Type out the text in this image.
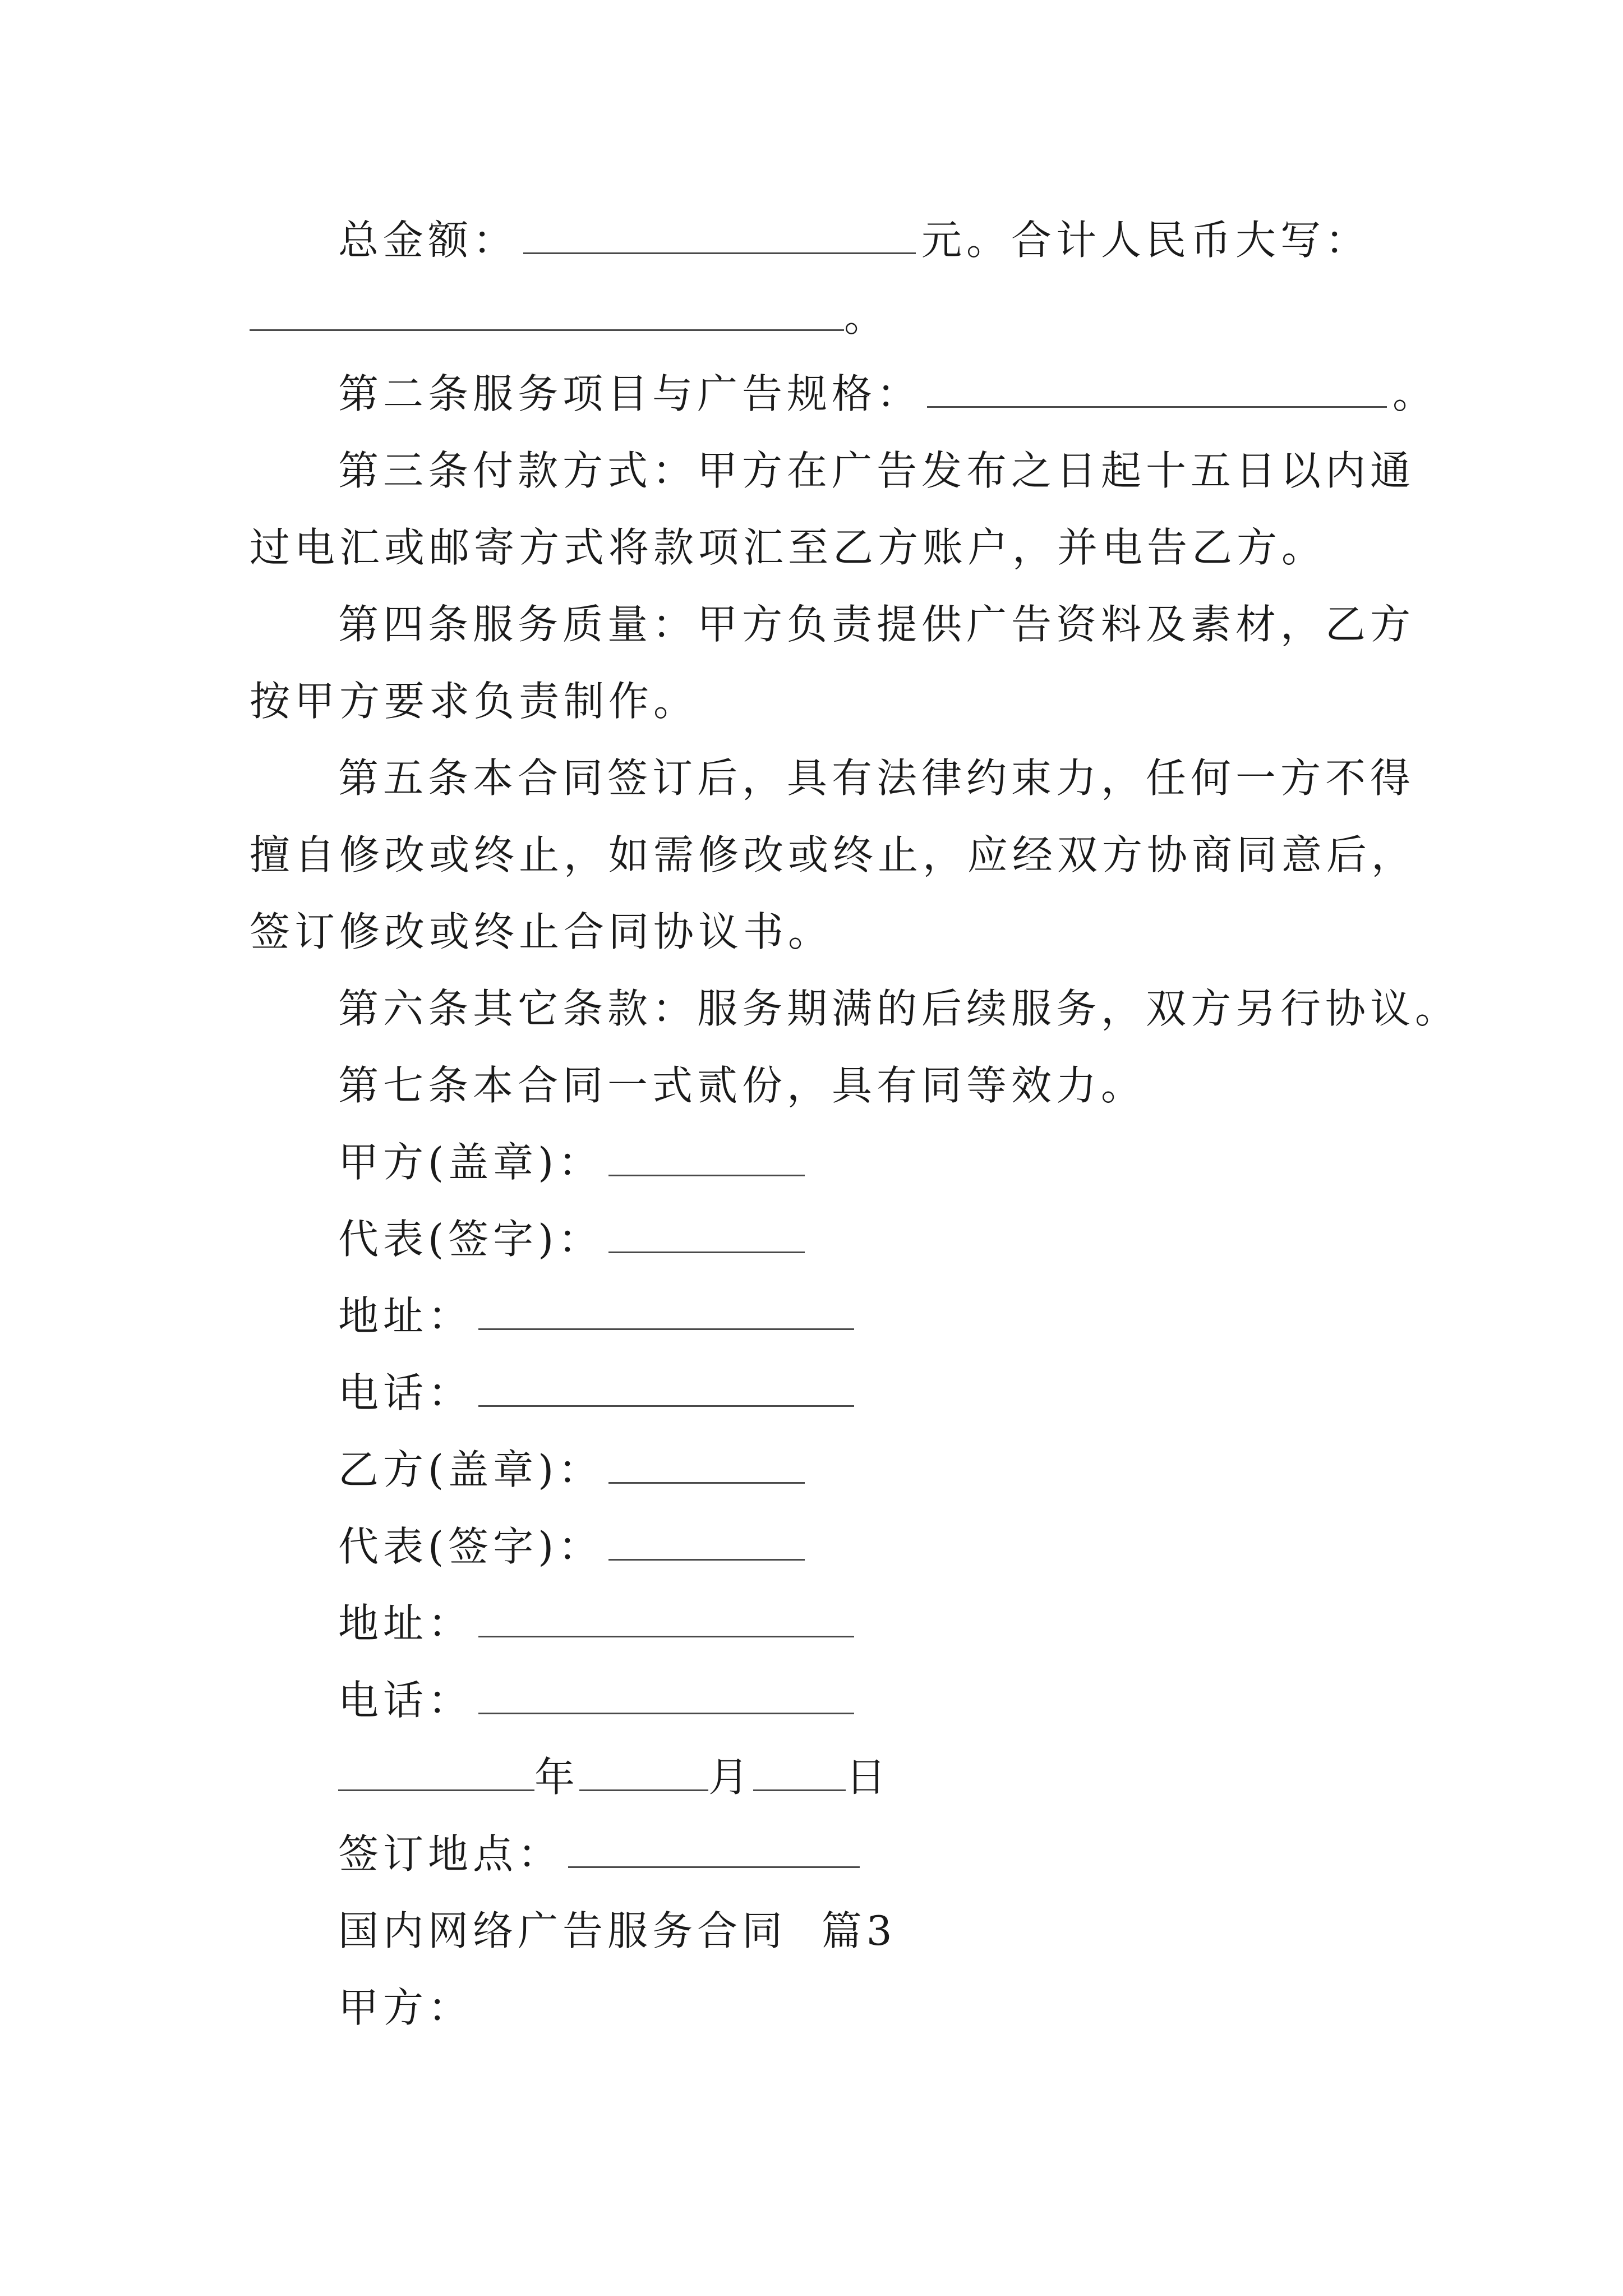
总金额：	元。合计人民币大写：
。
第二条服务项目与广告规格：	。
第三条付款方式：甲方在广告发布之日起十五日以内通
过电汇或邮寄方式将款项汇至乙方账户，并电告乙方。
第四条服务质量：甲方负责提供广告资料及素材，乙方
按甲方要求负责制作。
第五条本合同签订后，具有法律约束力，任何一方不得
擅自修改或终止，如需修改或终止，应经双方协商同意后，
签订修改或终止合同协议书。
第六条其它条款：服务期满的后续服务，双方另行协议。
第七条本合同一式贰份，具有同等效力。
甲方(盖章)：
代表(签字)：
地址：
电话：
乙方(盖章)：
代表(签字)：
地址：
电话：
年	月 日
签订地点：
国内网络广告服务合同  篇3
甲方：
